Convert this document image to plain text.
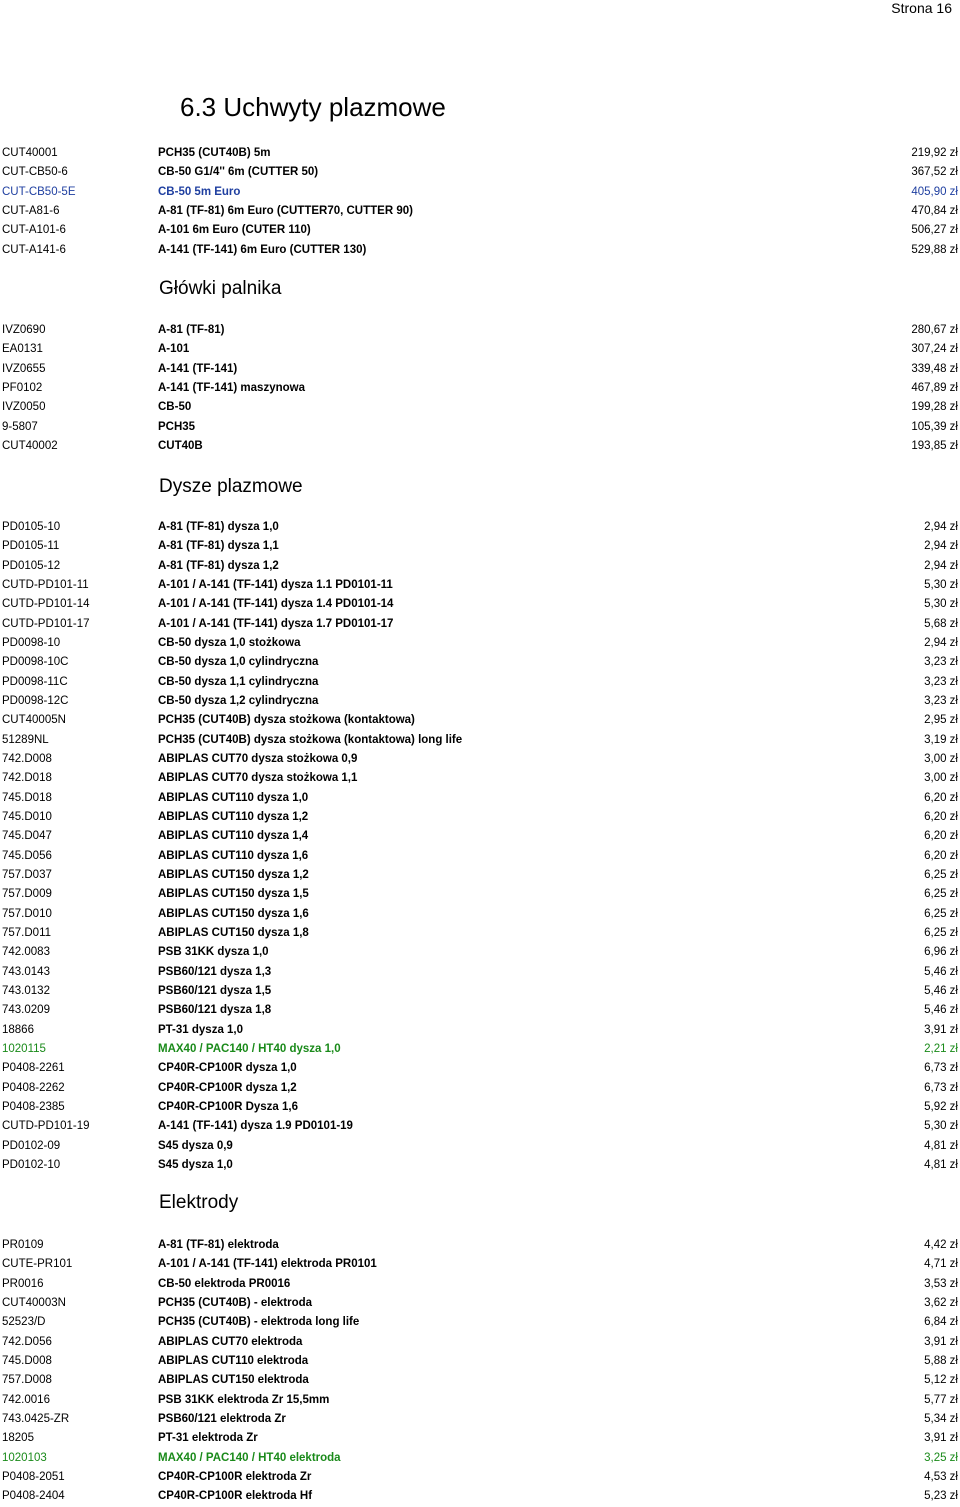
Strona 16
6.3 Uchwyty plazmowe
CUT40001	PCH35 (CUT40B) 5m	219,92 zł
CUT-CB50-6	CB-50 G1/4'' 6m (CUTTER 50)	367,52 zł
CUT-CB50-5E	CB-50 5m Euro	405,90 zł
CUT-A81-6	A-81 (TF-81) 6m Euro (CUTTER70, CUTTER 90)	470,84 zł
CUT-A101-6	A-101 6m Euro (CUTER 110)	506,27 zł
CUT-A141-6	A-141 (TF-141) 6m Euro (CUTTER 130)	529,88 zł
Główki palnika
IVZ0690	A-81 (TF-81)	280,67 zł
EA0131	A-101	307,24 zł
IVZ0655	A-141 (TF-141)	339,48 zł
PF0102	A-141 (TF-141) maszynowa	467,89 zł
IVZ0050	CB-50	199,28 zł
9-5807	PCH35	105,39 zł
CUT40002	CUT40B	193,85 zł
Dysze plazmowe
PD0105-10	A-81 (TF-81) dysza 1,0	2,94 zł
PD0105-11	A-81 (TF-81) dysza 1,1	2,94 zł
PD0105-12	A-81 (TF-81) dysza 1,2	2,94 zł
CUTD-PD101-11	A-101 / A-141 (TF-141) dysza 1.1 PD0101-11	5,30 zł
CUTD-PD101-14	A-101 / A-141 (TF-141) dysza 1.4 PD0101-14	5,30 zł
CUTD-PD101-17	A-101 / A-141 (TF-141) dysza 1.7 PD0101-17	5,68 zł
PD0098-10	CB-50 dysza 1,0 stożkowa	2,94 zł
PD0098-10C	CB-50 dysza 1,0 cylindryczna	3,23 zł
PD0098-11C	CB-50 dysza 1,1 cylindryczna	3,23 zł
PD0098-12C	CB-50 dysza 1,2 cylindryczna	3,23 zł
CUT40005N	PCH35 (CUT40B) dysza stożkowa (kontaktowa)	2,95 zł
51289NL	PCH35 (CUT40B) dysza stożkowa (kontaktowa) long life	3,19 zł
742.D008	ABIPLAS CUT70 dysza stożkowa 0,9	3,00 zł
742.D018	ABIPLAS CUT70 dysza stożkowa 1,1	3,00 zł
745.D018	ABIPLAS CUT110 dysza 1,0	6,20 zł
745.D010	ABIPLAS CUT110 dysza 1,2	6,20 zł
745.D047	ABIPLAS CUT110 dysza 1,4	6,20 zł
745.D056	ABIPLAS CUT110 dysza 1,6	6,20 zł
757.D037	ABIPLAS CUT150 dysza 1,2	6,25 zł
757.D009	ABIPLAS CUT150 dysza 1,5	6,25 zł
757.D010	ABIPLAS CUT150 dysza 1,6	6,25 zł
757.D011	ABIPLAS CUT150 dysza 1,8	6,25 zł
742.0083	PSB 31KK dysza 1,0	6,96 zł
743.0143	PSB60/121 dysza 1,3	5,46 zł
743.0132	PSB60/121 dysza 1,5	5,46 zł
743.0209	PSB60/121 dysza 1,8	5,46 zł
18866	PT-31 dysza 1,0	3,91 zł
1020115	MAX40 / PAC140 / HT40 dysza 1,0	2,21 zł
P0408-2261	CP40R-CP100R dysza 1,0	6,73 zł
P0408-2262	CP40R-CP100R dysza 1,2	6,73 zł
P0408-2385	CP40R-CP100R Dysza 1,6	5,92 zł
CUTD-PD101-19	A-141 (TF-141) dysza 1.9 PD0101-19	5,30 zł
PD0102-09	S45 dysza 0,9	4,81 zł
PD0102-10	S45 dysza 1,0	4,81 zł
Elektrody
PR0109	A-81 (TF-81) elektroda	4,42 zł
CUTE-PR101	A-101 / A-141 (TF-141) elektroda PR0101	4,71 zł
PR0016	CB-50 elektroda PR0016	3,53 zł
CUT40003N	PCH35 (CUT40B) - elektroda	3,62 zł
52523/D	PCH35 (CUT40B) - elektroda long life	6,84 zł
742.D056	ABIPLAS CUT70 elektroda	3,91 zł
745.D008	ABIPLAS CUT110 elektroda	5,88 zł
757.D008	ABIPLAS CUT150 elektroda	5,12 zł
742.0016	PSB 31KK elektroda Zr 15,5mm	5,77 zł
743.0425-ZR	PSB60/121 elektroda Zr	5,34 zł
18205	PT-31 elektroda Zr	3,91 zł
1020103	MAX40 / PAC140 / HT40 elektroda	3,25 zł
P0408-2051	CP40R-CP100R elektroda Zr	4,53 zł
P0408-2404	CP40R-CP100R elektroda Hf	5,23 zł
